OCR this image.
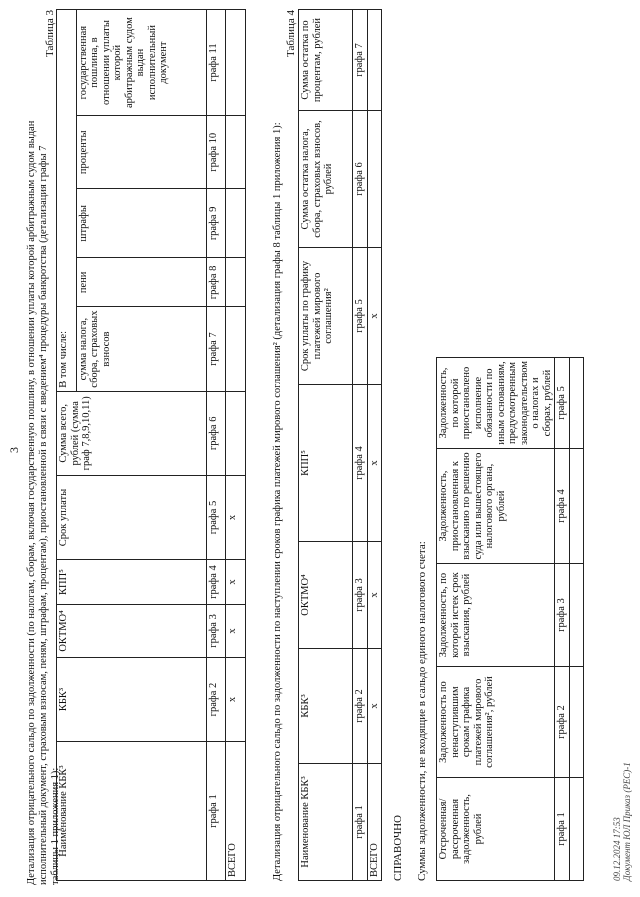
3 Детализация отрицательного сальдо по задолженности (по налогам, сборам, включая государственную пошлину, в отношении уплаты которой арбитражным судом выдан исполнительный документ, страховым взносам, пеням, штрафам, процентам), приостановленной в связи с введением⁴ процедуры банкротства (детализация графы 7 таблицы 1 приложения 1):
Таблица 3
Наименование КБК³	КБК³	ОКТМО⁴	КПП⁵	Срок уплаты	Сумма всего, рублей (сумма граф 7,8,9,10,11)	В том числе:				
						сумма налога, сбора, страховых взносов	пени	штрафы	проценты	государственная пошлина, в отношении уплаты которой арбитражным судом выдан исполнительный документ
графа 1	графа 2	графа 3	графа 4	графа 5	графа 6	графа 7	графа 8	графа 9	графа 10	графа 11
ВСЕГО	x	x	x	x							Детализация отрицательного сальдо по задолженности по наступлении сроков графика платежей мирового соглашения² (детализация графы 8 таблицы 1 приложения 1):
Таблица 4
Наименование КБК³	КБК³	ОКТМО⁴	КПП⁵	Срок уплаты по графику платежей мирового соглашения²	Сумма остатка налога, сбора, страховых взносов, рублей	Сумма остатка по процентам, рублей
графа 1	графа 2	графа 3	графа 4	графа 5	графа 6	графа 7
ВСЕГО	x	x	x	x		
СПРАВОЧНО Суммы задолженности, не входящие в сальдо единого налогового счета: Отсроченная/рассроченная задолженность, рублей	Задолженность по ненаступившим срокам графика платежей мирового соглашения², рублей	Задолженность, по которой истек срок взыскания, рублей	Задолженность, приостановленная к взысканию по решению суда или вышестоящего налогового органа, рублей	Задолженность, по которой приостановлено исполнение обязанности по иным основаниям, предусмотренным законодательством о налогах и сборах, рублей
графа 1	графа 2	графа 3	графа 4	графа 5

09.12.2024 17:53 Документ ЮЛ Приказ (РЕС)-1
